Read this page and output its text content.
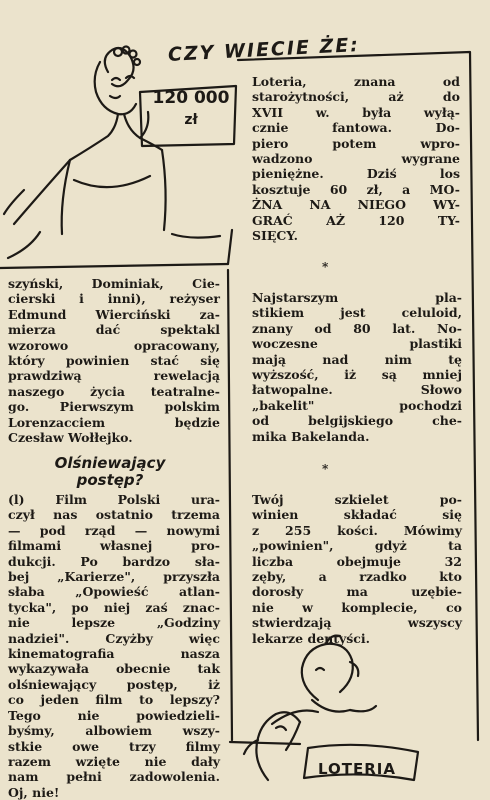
CZY WIECIE ŻE:
120 000
zł
Loteria, znana od
starożytności, aż do
XVII w. była wyłą-
cznie fantowa. Do-
piero potem wpro-
wadzono wygrane
pieniężne. Dziś los
kosztuje 60 zł, a MO-
ŻNA NA NIEGO WY-
GRAĆ AŻ 120 TY-
SIĘCY.
*
Najstarszym pla-
stikiem jest celuloid,
znany od 80 lat. No-
woczesne plastiki
mają nad nim tę
wyższość, iż są mniej
łatwopalne. Słowo
„bakelit" pochodzi
od belgijskiego che-
mika Bakelanda.
*
Twój szkielet po-
winien składać się
z 255 kości. Mówimy
„powinien", gdyż ta
liczba obejmuje 32
zęby, a rzadko kto
dorosły ma uzębie-
nie w komplecie, co
stwierdzają wszyscy
lekarze dentyści.
szyński, Dominiak, Cie-
cierski i inni), reżyser
Edmund Wierciński za-
mierza dać spektakl
wzorowo opracowany,
który powinien stać się
prawdziwą rewelacją
naszego życia teatralne-
go. Pierwszym polskim
Lorenzacciem będzie
Czesław Wołłejko.
Olśniewający
postęp?
(l) Film Polski ura-
czył nas ostatnio trzema
— pod rząd — nowymi
filmami własnej pro-
dukcji. Po bardzo sła-
bej „Karierze", przyszła
słaba „Opowieść atlan-
tycka", po niej zaś znac-
nie lepsze „Godziny
nadziei". Czyżby więc
kinematografia nasza
wykazywała obecnie tak
olśniewający postęp, iż
co jeden film to lepszy?
Tego nie powiedzieli-
byśmy, albowiem wszy-
stkie owe trzy filmy
razem wzięte nie dały
nam pełni zadowolenia.
Oj, nie!
LOTERIA
